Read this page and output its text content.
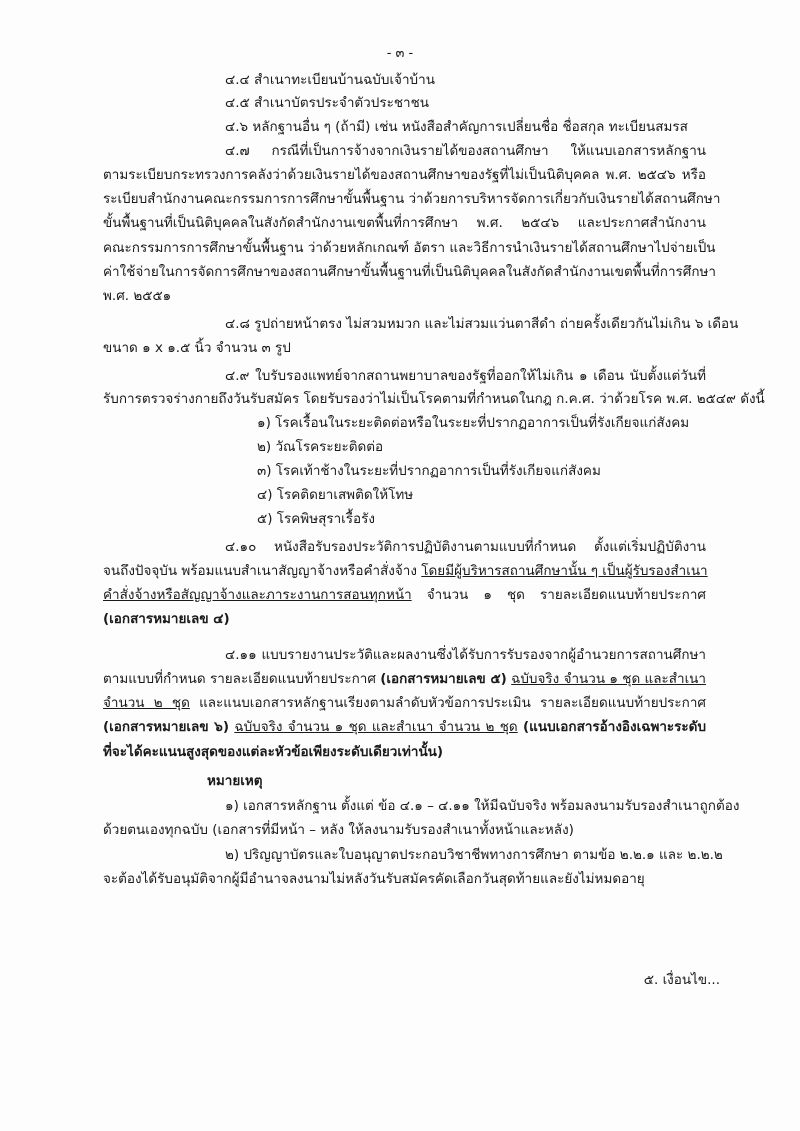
- ๓ -
๔.๔ สำเนาทะเบียนบ้านฉบับเจ้าบ้าน
๔.๕ สำเนาบัตรประจำตัวประชาชน
๔.๖ หลักฐานอื่น ๆ (ถ้ามี) เช่น หนังสือสำคัญการเปลี่ยนชื่อ ชื่อสกุล ทะเบียนสมรส
๔.๗ กรณีที่เป็นการจ้างจากเงินรายได้ของสถานศึกษา ให้แนบเอกสารหลักฐาน
ตามระเบียบกระทรวงการคลังว่าด้วยเงินรายได้ของสถานศึกษาของรัฐที่ไม่เป็นนิติบุคคล พ.ศ. ๒๕๔๖ หรือ
ระเบียบสำนักงานคณะกรรมการการศึกษาขั้นพื้นฐาน ว่าด้วยการบริหารจัดการเกี่ยวกับเงินรายได้สถานศึกษา
ขั้นพื้นฐานที่เป็นนิติบุคคลในสังกัดสำนักงานเขตพื้นที่การศึกษา พ.ศ. ๒๕๔๖ และประกาศสำนักงาน
คณะกรรมการการศึกษาขั้นพื้นฐาน ว่าด้วยหลักเกณฑ์ อัตรา และวิธีการนำเงินรายได้สถานศึกษาไปจ่ายเป็น
ค่าใช้จ่ายในการจัดการศึกษาของสถานศึกษาขั้นพื้นฐานที่เป็นนิติบุคคลในสังกัดสำนักงานเขตพื้นที่การศึกษา
พ.ศ. ๒๕๕๑
๔.๘ รูปถ่ายหน้าตรง ไม่สวมหมวก และไม่สวมแว่นตาสีดำ ถ่ายครั้งเดียวกันไม่เกิน ๖ เดือน
ขนาด ๑ x ๑.๕ นิ้ว จำนวน ๓ รูป
๔.๙ ใบรับรองแพทย์จากสถานพยาบาลของรัฐที่ออกให้ไม่เกิน ๑ เดือน นับตั้งแต่วันที่
รับการตรวจร่างกายถึงวันรับสมัคร โดยรับรองว่าไม่เป็นโรคตามที่กำหนดในกฎ ก.ค.ศ. ว่าด้วยโรค พ.ศ. ๒๕๔๙ ดังนี้
๑) โรคเรื้อนในระยะติดต่อหรือในระยะที่ปรากฏอาการเป็นที่รังเกียจแก่สังคม
๒) วัณโรคระยะติดต่อ
๓) โรคเท้าช้างในระยะที่ปรากฏอาการเป็นที่รังเกียจแก่สังคม
๔) โรคติดยาเสพติดให้โทษ
๕) โรคพิษสุราเรื้อรัง
๔.๑๐ หนังสือรับรองประวัติการปฏิบัติงานตามแบบที่กำหนด ตั้งแต่เริ่มปฏิบัติงาน
จนถึงปัจจุบัน พร้อมแนบสำเนาสัญญาจ้างหรือคำสั่งจ้าง โดยมีผู้บริหารสถานศึกษานั้น ๆ เป็นผู้รับรองสำเนา
คำสั่งจ้างหรือสัญญาจ้างและภาระงานการสอนทุกหน้า จำนวน ๑ ชุด รายละเอียดแนบท้ายประกาศ
(เอกสารหมายเลข ๔)
๔.๑๑ แบบรายงานประวัติและผลงานซึ่งได้รับการรับรองจากผู้อำนวยการสถานศึกษา
ตามแบบที่กำหนด รายละเอียดแนบท้ายประกาศ (เอกสารหมายเลข ๕) ฉบับจริง จำนวน ๑ ชุด และสำเนา
จำนวน ๒ ชุด และแนบเอกสารหลักฐานเรียงตามลำดับหัวข้อการประเมิน รายละเอียดแนบท้ายประกาศ
(เอกสารหมายเลข ๖) ฉบับจริง จำนวน ๑ ชุด และสำเนา จำนวน ๒ ชุด (แนบเอกสารอ้างอิงเฉพาะระดับ
ที่จะได้คะแนนสูงสุดของแต่ละหัวข้อเพียงระดับเดียวเท่านั้น)
หมายเหตุ
๑) เอกสารหลักฐาน ตั้งแต่ ข้อ ๔.๑ – ๔.๑๑ ให้มีฉบับจริง พร้อมลงนามรับรองสำเนาถูกต้อง
ด้วยตนเองทุกฉบับ (เอกสารที่มีหน้า – หลัง ให้ลงนามรับรองสำเนาทั้งหน้าและหลัง)
๒) ปริญญาบัตรและใบอนุญาตประกอบวิชาชีพทางการศึกษา ตามข้อ ๒.๒.๑ และ ๒.๒.๒
จะต้องได้รับอนุมัติจากผู้มีอำนาจลงนามไม่หลังวันรับสมัครคัดเลือกวันสุดท้ายและยังไม่หมดอายุ
๕. เงื่อนไข...
